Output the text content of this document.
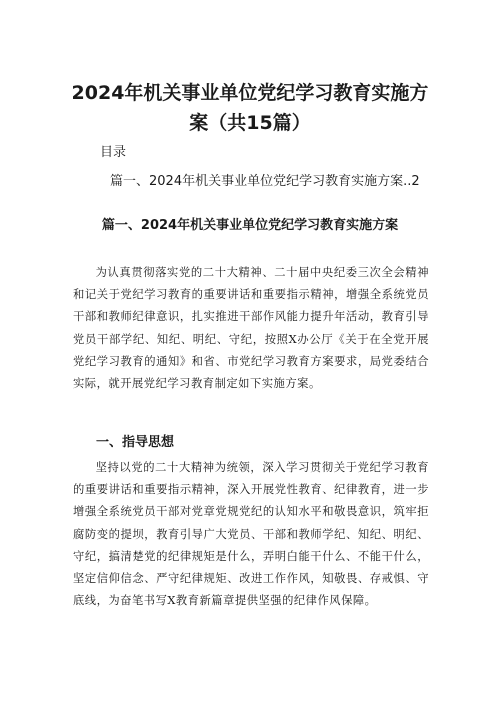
2024年机关事业单位党纪学习教育实施方
案（共15篇）
目录
篇一、2024年机关事业单位党纪学习教育实施方案..2
篇一、2024年机关事业单位党纪学习教育实施方案
为认真贯彻落实党的二十大精神、二十届中央纪委三次全会精神和记关于党纪学习教育的重要讲话和重要指示精神，增强全系统党员干部和教师纪律意识，扎实推进干部作风能力提升年活动，教育引导党员干部学纪、知纪、明纪、守纪，按照X办公厅《关于在全党开展党纪学习教育的通知》和省、市党纪学习教育方案要求，局党委结合实际，就开展党纪学习教育制定如下实施方案。
一、指导思想
坚持以党的二十大精神为统领，深入学习贯彻关于党纪学习教育的重要讲话和重要指示精神，深入开展党性教育、纪律教育，进一步增强全系统党员干部对党章党规党纪的认知水平和敬畏意识，筑牢拒腐防变的提坝，教育引导广大党员、干部和教师学纪、知纪、明纪、守纪，搞清楚党的纪律规矩是什么，弄明白能干什么、不能干什么，坚定信仰信念、严守纪律规矩、改进工作作风，知敬畏、存戒惧、守底线，为奋笔书写X教育新篇章提供坚强的纪律作风保障。
